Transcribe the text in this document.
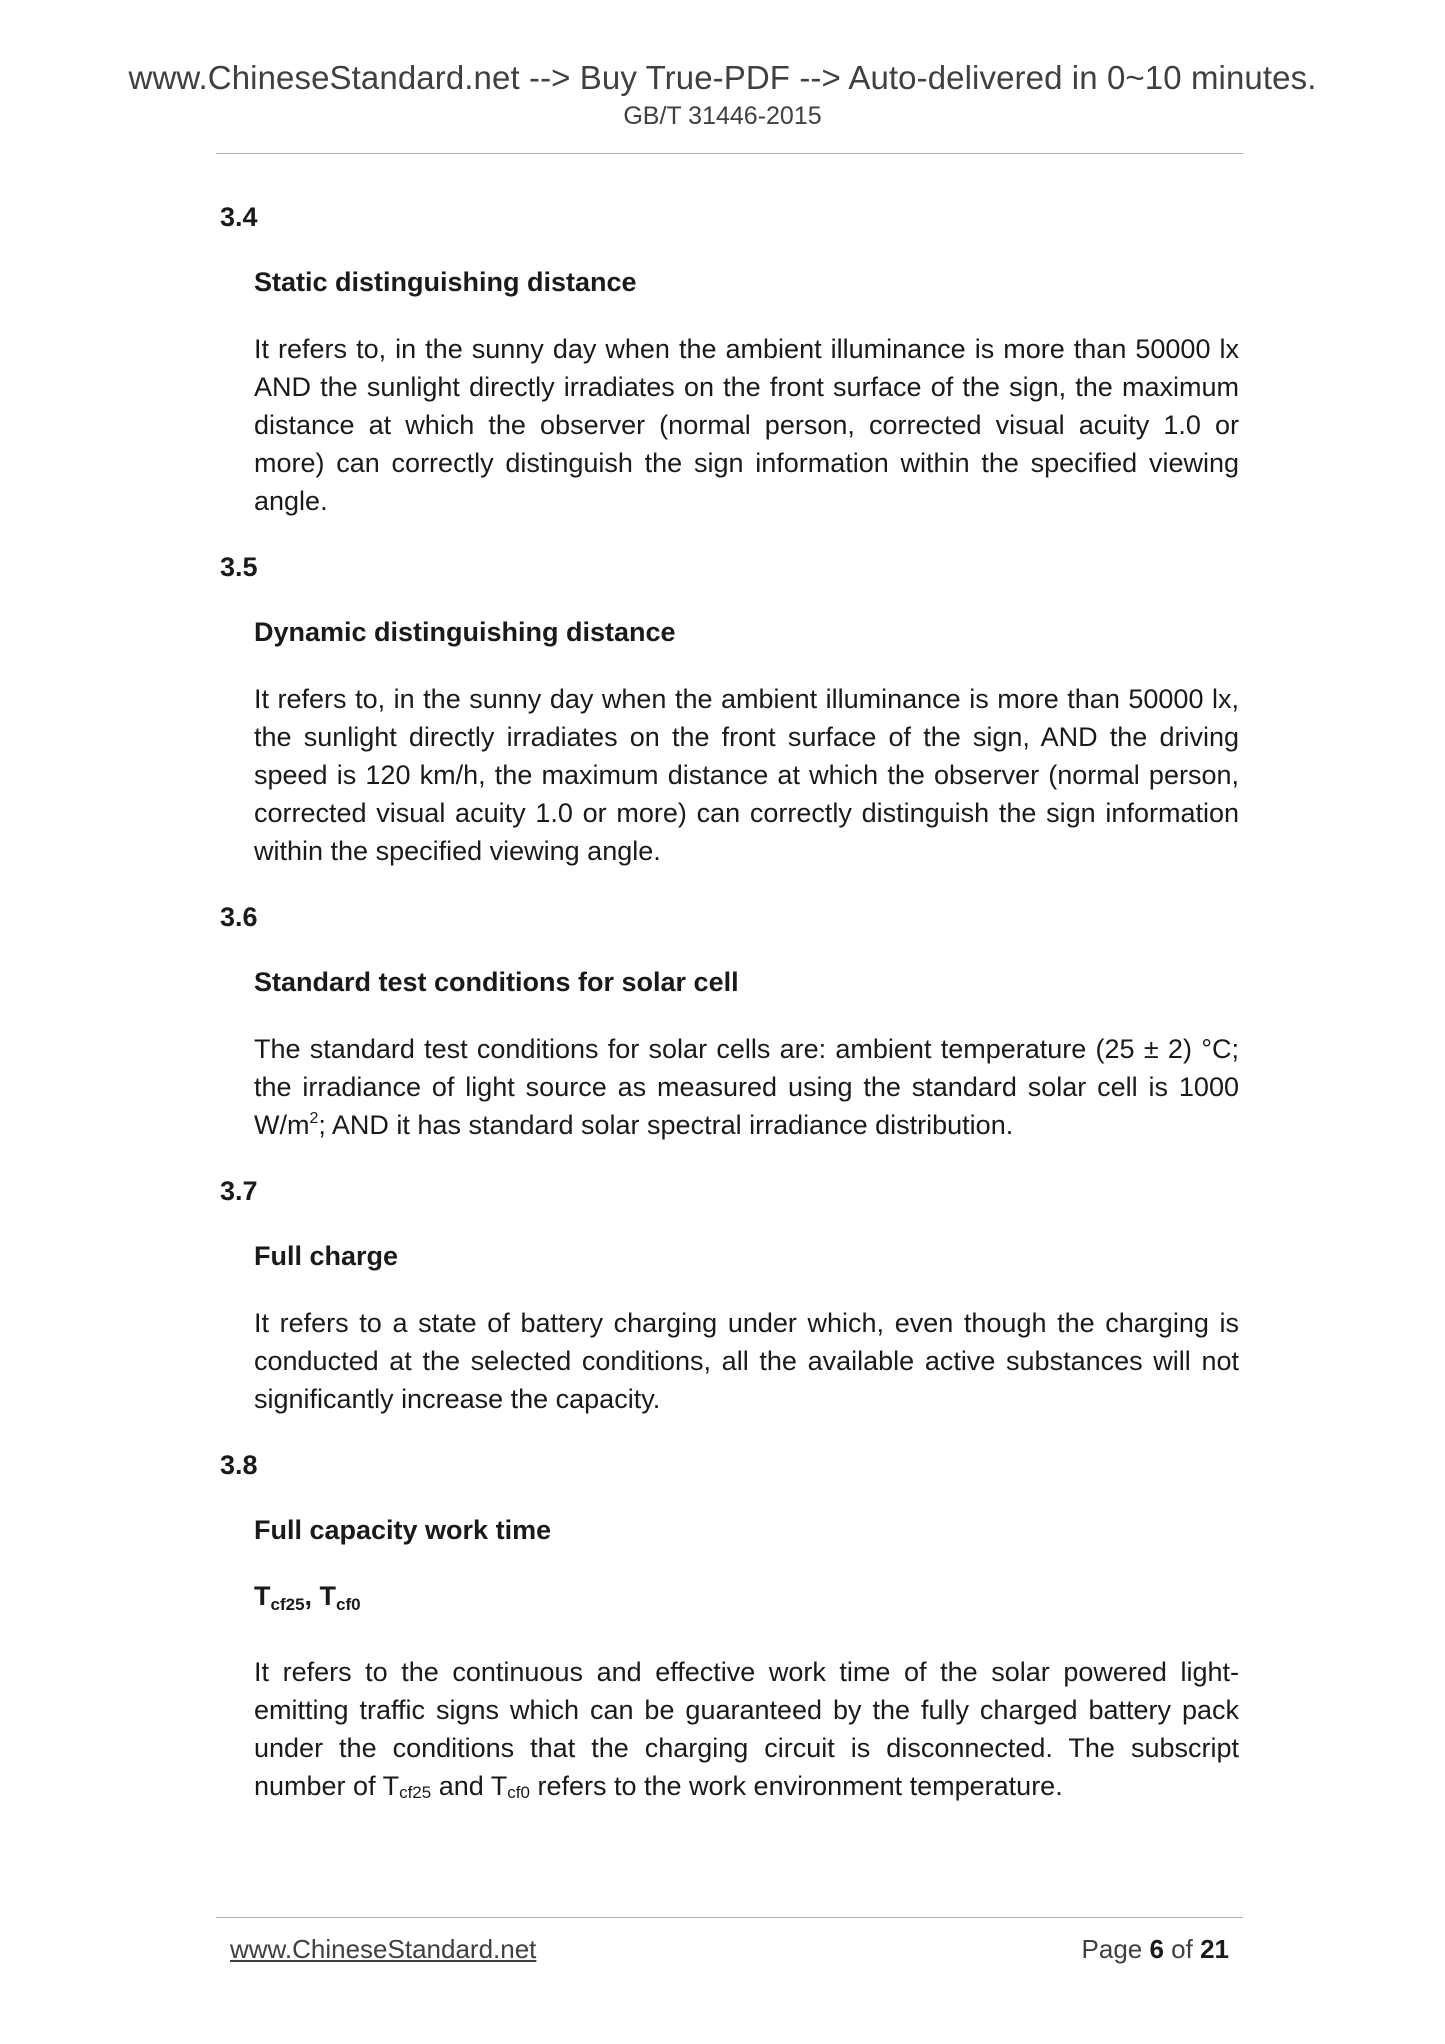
www.ChineseStandard.net --> Buy True-PDF --> Auto-delivered in 0~10 minutes.
GB/T 31446-2015

3.4

Static distinguishing distance

It refers to, in the sunny day when the ambient illuminance is more than 50000 lx AND the sunlight directly irradiates on the front surface of the sign, the maximum distance at which the observer (normal person, corrected visual acuity 1.0 or more) can correctly distinguish the sign information within the specified viewing angle.

3.5

Dynamic distinguishing distance

It refers to, in the sunny day when the ambient illuminance is more than 50000 lx, the sunlight directly irradiates on the front surface of the sign, AND the driving speed is 120 km/h, the maximum distance at which the observer (normal person, corrected visual acuity 1.0 or more) can correctly distinguish the sign information within the specified viewing angle.

3.6

Standard test conditions for solar cell

The standard test conditions for solar cells are: ambient temperature (25 ± 2) °C; the irradiance of light source as measured using the standard solar cell is 1000 $W/m^2$; AND it has standard solar spectral irradiance distribution.

3.7

Full charge

It refers to a state of battery charging under which, even though the charging is conducted at the selected conditions, all the available active substances will not significantly increase the capacity.

3.8

Full capacity work time

$T_{cf25}$, $T_{cf0}$

It refers to the continuous and effective work time of the solar powered light-emitting traffic signs which can be guaranteed by the fully charged battery pack under the conditions that the charging circuit is disconnected. The subscript number of $T_{cf25}$ and $T_{cf0}$ refers to the work environment temperature.

www.ChineseStandard.net	Page 6 of 21
